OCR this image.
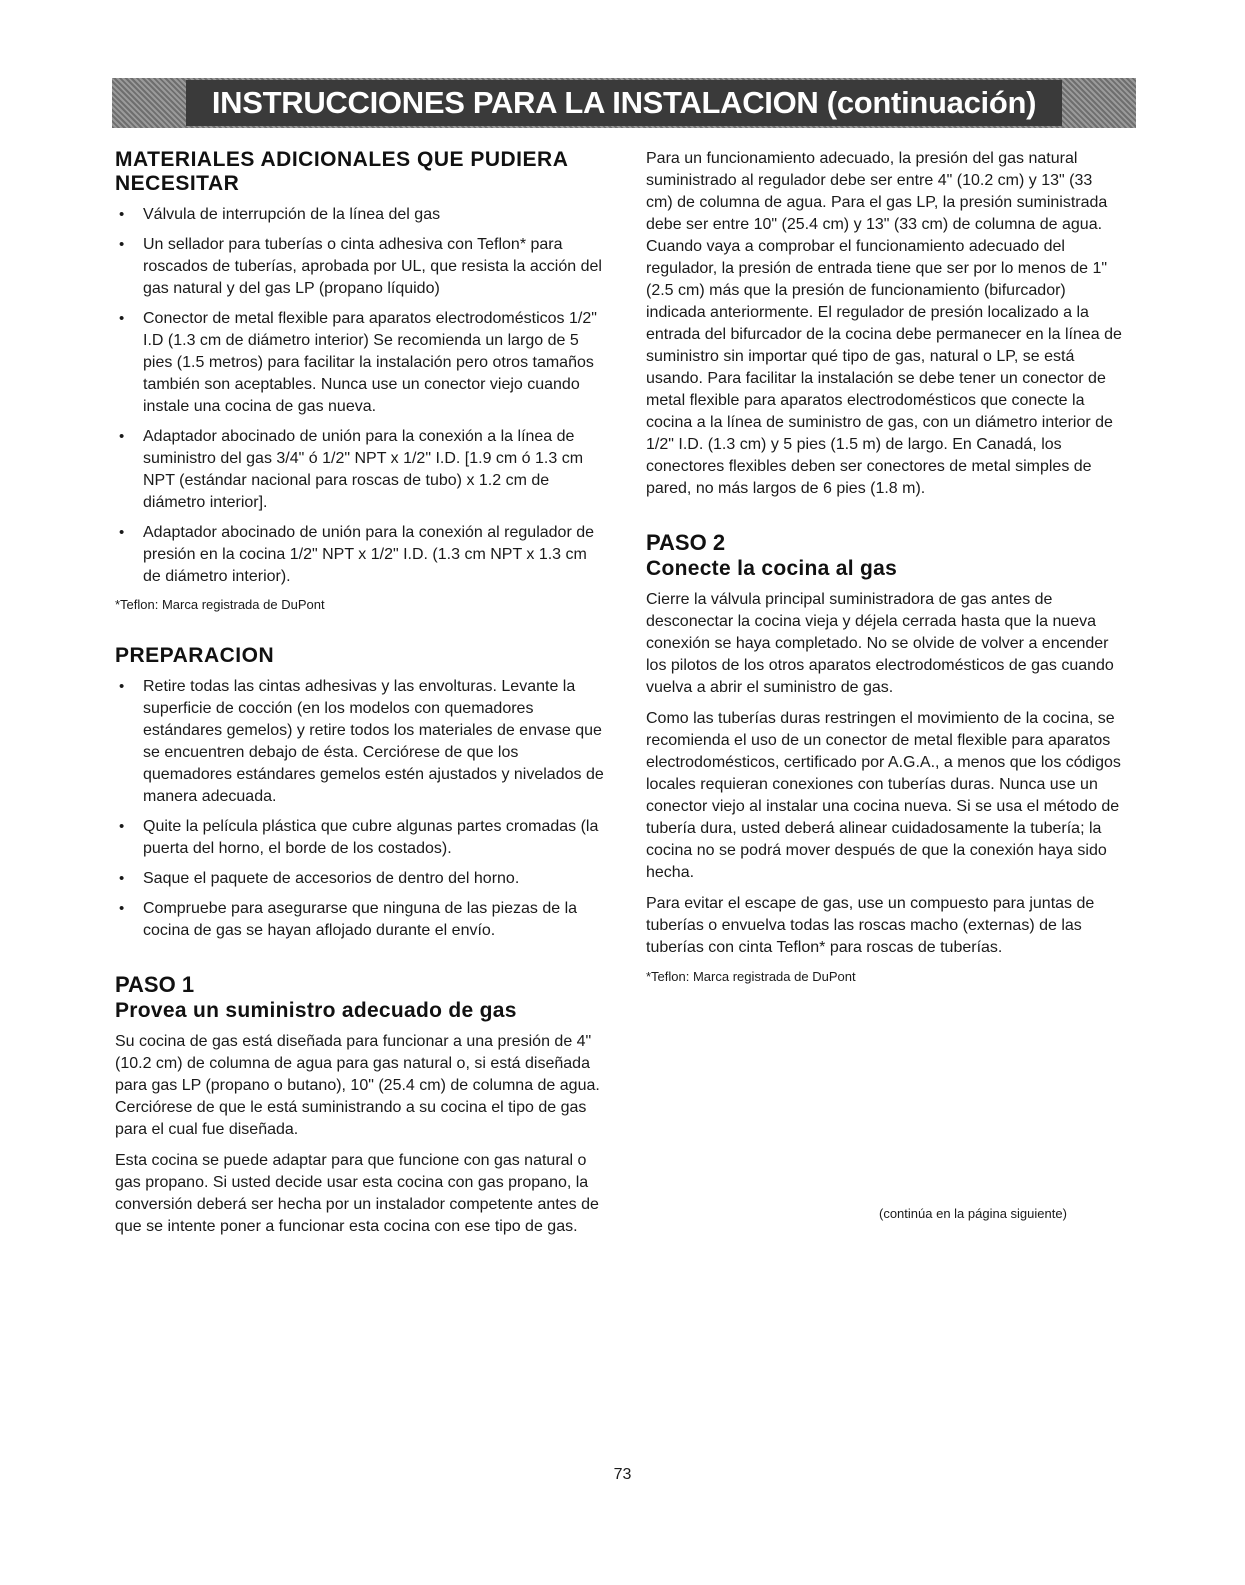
INSTRUCCIONES PARA LA INSTALACION (continuación)
MATERIALES ADICIONALES QUE PUDIERA NECESITAR
• Válvula de interrupción de la línea del gas
• Un sellador para tuberías o cinta adhesiva con Teflon* para roscados de tuberías, aprobada por UL, que resista la acción del gas natural y del gas LP (propano líquido)
• Conector de metal flexible para aparatos electrodomésticos 1/2" I.D (1.3 cm de diámetro interior) Se recomienda un largo de 5 pies (1.5 metros) para facilitar la instalación pero otros tamaños también son aceptables. Nunca use un conector viejo cuando instale una cocina de gas nueva.
• Adaptador abocinado de unión para la conexión a la línea de suministro del gas 3/4" ó 1/2" NPT x 1/2" I.D. [1.9 cm ó 1.3 cm NPT (estándar nacional para roscas de tubo) x 1.2 cm de diámetro interior].
• Adaptador abocinado de unión para la conexión al regulador de presión en la cocina 1/2" NPT x 1/2" I.D. (1.3 cm NPT x 1.3 cm de diámetro interior).

*Teflon: Marca registrada de DuPont

PREPARACION
• Retire todas las cintas adhesivas y las envolturas. Levante la superficie de cocción (en los modelos con quemadores estándares gemelos) y retire todos los materiales de envase que se encuentren debajo de ésta. Cerciórese de que los quemadores estándares gemelos estén ajustados y nivelados de manera adecuada.
• Quite la película plástica que cubre algunas partes cromadas (la puerta del horno, el borde de los costados).
• Saque el paquete de accesorios de dentro del horno.
• Compruebe para asegurarse que ninguna de las piezas de la cocina de gas se hayan aflojado durante el envío.
PASO 1
Provea un suministro adecuado de gas

Su cocina de gas está diseñada para funcionar a una presión de 4" (10.2 cm) de columna de agua para gas natural o, si está diseñada para gas LP (propano o butano), 10" (25.4 cm) de columna de agua. Cerciórese de que le está suministrando a su cocina el tipo de gas para el cual fue diseñada.

Esta cocina se puede adaptar para que funcione con gas natural o gas propano. Si usted decide usar esta cocina con gas propano, la conversión deberá ser hecha por un instalador competente antes de que se intente poner a funcionar esta cocina con ese tipo de gas.

Para un funcionamiento adecuado, la presión del gas natural suministrado al regulador debe ser entre 4" (10.2 cm) y 13" (33 cm) de columna de agua. Para el gas LP, la presión suministrada debe ser entre 10" (25.4 cm) y 13" (33 cm) de columna de agua. Cuando vaya a comprobar el funcionamiento adecuado del regulador, la presión de entrada tiene que ser por lo menos de 1" (2.5 cm) más que la presión de funcionamiento (bifurcador) indicada anteriormente. El regulador de presión localizado a la entrada del bifurcador de la cocina debe permanecer en la línea de suministro sin importar qué tipo de gas, natural o LP, se está usando. Para facilitar la instalación se debe tener un conector de metal flexible para aparatos electrodomésticos que conecte la cocina a la línea de suministro de gas, con un diámetro interior de 1/2" I.D. (1.3 cm) y 5 pies (1.5 m) de largo. En Canadá, los conectores flexibles deben ser conectores de metal simples de pared, no más largos de 6 pies (1.8 m).

PASO 2
Conecte la cocina al gas

Cierre la válvula principal suministradora de gas antes de desconectar la cocina vieja y déjela cerrada hasta que la nueva conexión se haya completado. No se olvide de volver a encender los pilotos de los otros aparatos electrodomésticos de gas cuando vuelva a abrir el suministro de gas.

Como las tuberías duras restringen el movimiento de la cocina, se recomienda el uso de un conector de metal flexible para aparatos electrodomésticos, certificado por A.G.A., a menos que los códigos locales requieran conexiones con tuberías duras. Nunca use un conector viejo al instalar una cocina nueva. Si se usa el método de tubería dura, usted deberá alinear cuidadosamente la tubería; la cocina no se podrá mover después de que la conexión haya sido hecha.

Para evitar el escape de gas, use un compuesto para juntas de tuberías o envuelva todas las roscas macho (externas) de las tuberías con cinta Teflon* para roscas de tuberías.

*Teflon: Marca registrada de DuPont

(continúa en la página siguiente)
73
